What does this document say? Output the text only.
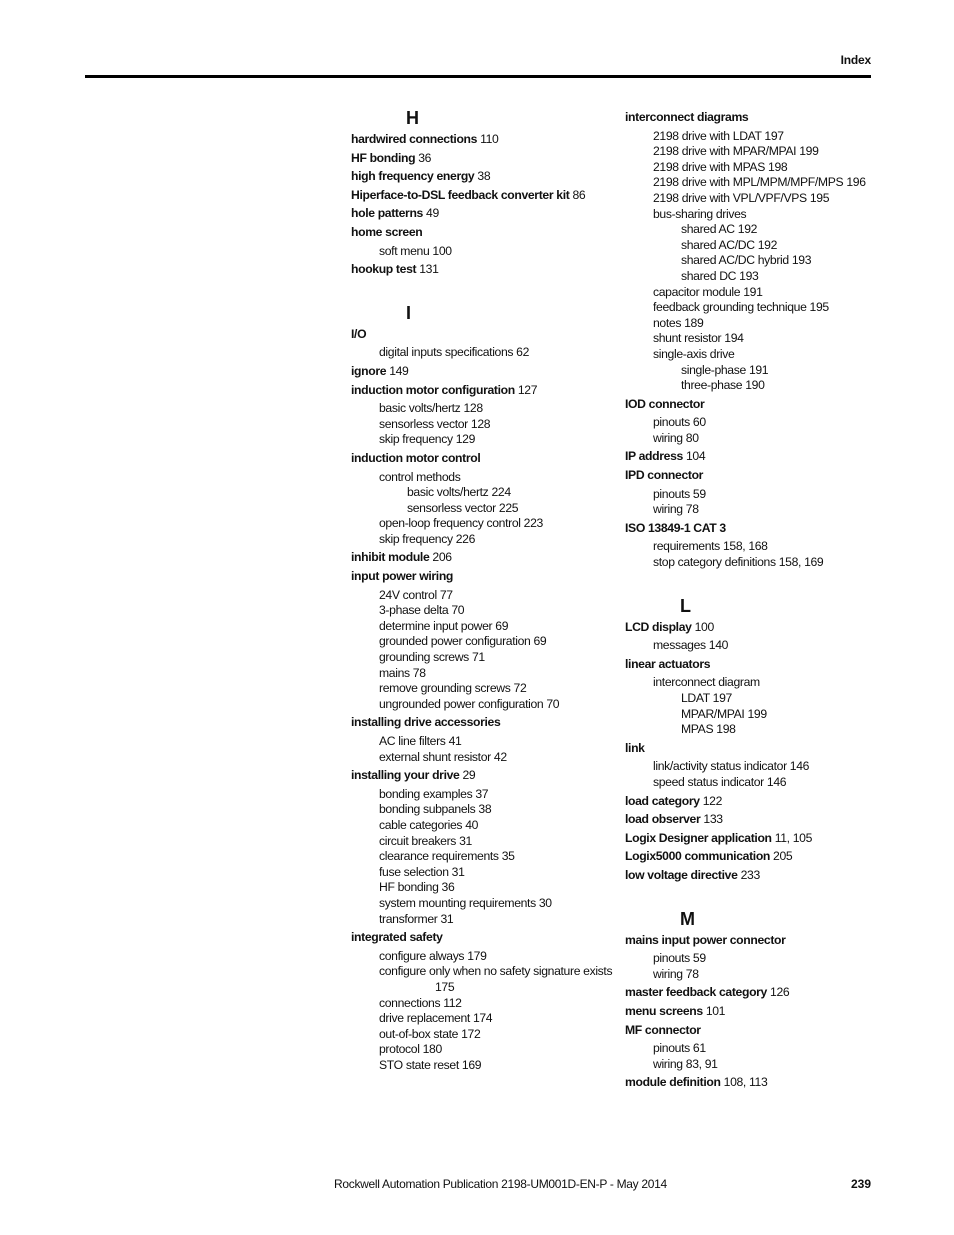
Index
H
hardwired connections 110
HF bonding 36
high frequency energy 38
Hiperface-to-DSL feedback converter kit 86
hole patterns 49
home screen
soft menu 100
hookup test 131
I
I/O
digital inputs specifications 62
ignore 149
induction motor configuration 127
basic volts/hertz 128
sensorless vector 128
skip frequency 129
induction motor control
control methods
basic volts/hertz 224
sensorless vector 225
open-loop frequency control 223
skip frequency 226
inhibit module 206
input power wiring
24V control 77
3-phase delta 70
determine input power 69
grounded power configuration 69
grounding screws 71
mains 78
remove grounding screws 72
ungrounded power configuration 70
installing drive accessories
AC line filters 41
external shunt resistor 42
installing your drive 29
bonding examples 37
bonding subpanels 38
cable categories 40
circuit breakers 31
clearance requirements 35
fuse selection 31
HF bonding 36
system mounting requirements 30
transformer 31
integrated safety
configure always 179
configure only when no safety signature exists
175
connections 112
drive replacement 174
out-of-box state 172
protocol 180
STO state reset 169
interconnect diagrams
2198 drive with LDAT 197
2198 drive with MPAR/MPAI 199
2198 drive with MPAS 198
2198 drive with MPL/MPM/MPF/MPS 196
2198 drive with VPL/VPF/VPS 195
bus-sharing drives
shared AC 192
shared AC/DC 192
shared AC/DC hybrid 193
shared DC 193
capacitor module 191
feedback grounding technique 195
notes 189
shunt resistor 194
single-axis drive
single-phase 191
three-phase 190
IOD connector
pinouts 60
wiring 80
IP address 104
IPD connector
pinouts 59
wiring 78
ISO 13849-1 CAT 3
requirements 158, 168
stop category definitions 158, 169
L
LCD display 100
messages 140
linear actuators
interconnect diagram
LDAT 197
MPAR/MPAI 199
MPAS 198
link
link/activity status indicator 146
speed status indicator 146
load category 122
load observer 133
Logix Designer application 11, 105
Logix5000 communication 205
low voltage directive 233
M
mains input power connector
pinouts 59
wiring 78
master feedback category 126
menu screens 101
MF connector
pinouts 61
wiring 83, 91
module definition 108, 113
Rockwell Automation Publication 2198-UM001D-EN-P - May 2014	239
